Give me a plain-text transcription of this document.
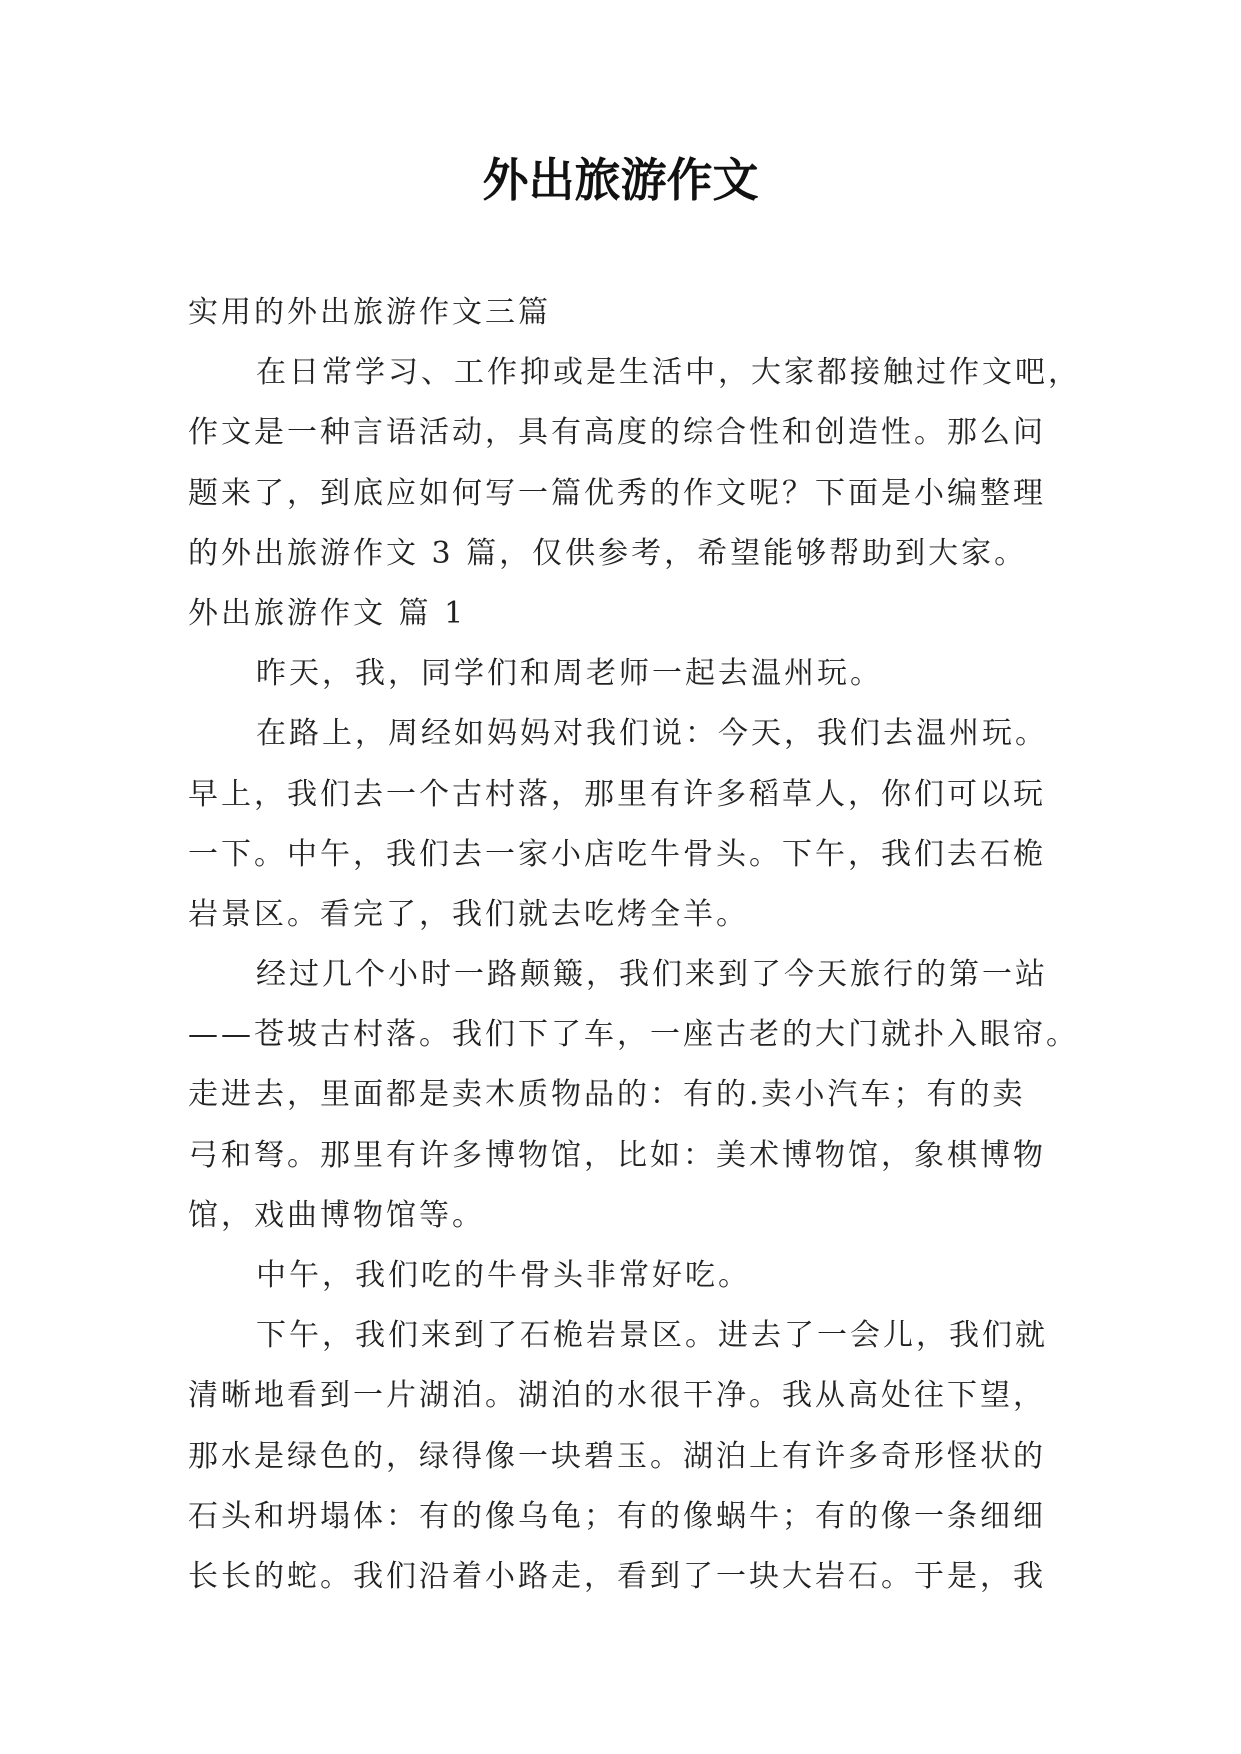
外出旅游作文

实用的外出旅游作文三篇

在日常学习、工作抑或是生活中，大家都接触过作文吧，

作文是一种言语活动，具有高度的综合性和创造性。那么问

题来了，到底应如何写一篇优秀的作文呢？下面是小编整理

的外出旅游作文 3 篇，仅供参考，希望能够帮助到大家。

外出旅游作文 篇 1

昨天，我，同学们和周老师一起去温州玩。

在路上，周经如妈妈对我们说：今天，我们去温州玩。

早上，我们去一个古村落，那里有许多稻草人，你们可以玩

一下。中午，我们去一家小店吃牛骨头。下午，我们去石桅

岩景区。看完了，我们就去吃烤全羊。

经过几个小时一路颠簸，我们来到了今天旅行的第一站

——苍坡古村落。我们下了车，一座古老的大门就扑入眼帘。

走进去，里面都是卖木质物品的：有的.卖小汽车；有的卖

弓和弩。那里有许多博物馆，比如：美术博物馆，象棋博物

馆，戏曲博物馆等。

中午，我们吃的牛骨头非常好吃。

下午，我们来到了石桅岩景区。进去了一会儿，我们就

清晰地看到一片湖泊。湖泊的水很干净。我从高处往下望，

那水是绿色的，绿得像一块碧玉。湖泊上有许多奇形怪状的

石头和坍塌体：有的像乌龟；有的像蜗牛；有的像一条细细

长长的蛇。我们沿着小路走，看到了一块大岩石。于是，我
